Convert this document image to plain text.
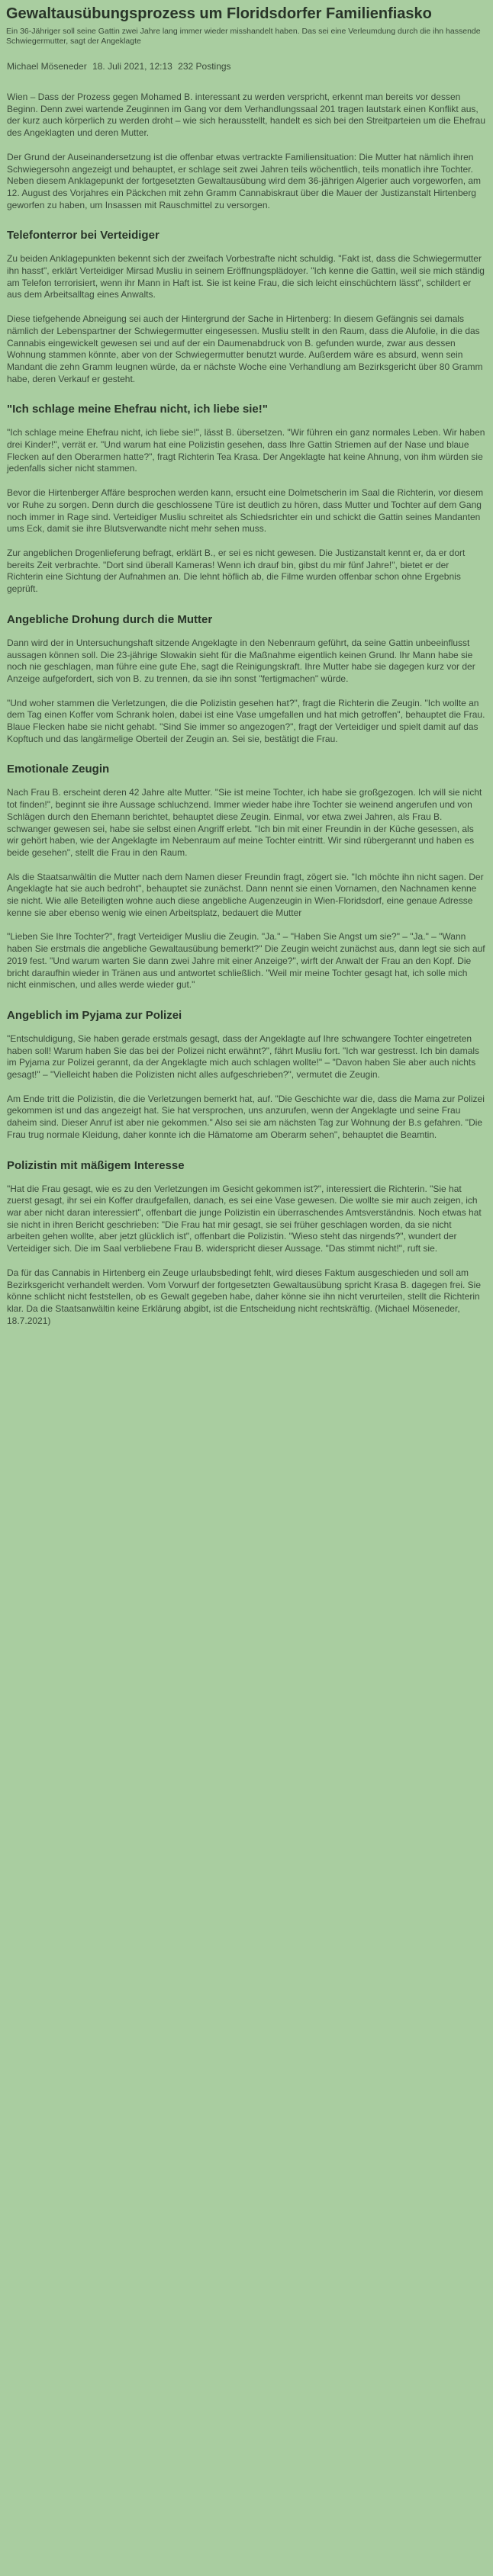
Gewaltausübungsprozess um Floridsdorfer Familienfiasko
Ein 36-Jähriger soll seine Gattin zwei Jahre lang immer wieder misshandelt haben. Das sei eine Verleumdung durch die ihn hassende Schwiegermutter, sagt der Angeklagte
Michael Möseneder 18. Juli 2021, 12:13 232 Postings

Wien – Dass der Prozess gegen Mohamed B. interessant zu werden verspricht, erkennt man bereits vor dessen Beginn. Denn zwei wartende Zeuginnen im Gang vor dem Verhandlungssaal 201 tragen lautstark einen Konflikt aus, der kurz auch körperlich zu werden droht – wie sich herausstellt, handelt es sich bei den Streitparteien um die Ehefrau des Angeklagten und deren Mutter.

Der Grund der Auseinandersetzung ist die offenbar etwas vertrackte Familiensituation: Die Mutter hat nämlich ihren Schwiegersohn angezeigt und behauptet, er schlage seit zwei Jahren teils wöchentlich, teils monatlich ihre Tochter. Neben diesem Anklagepunkt der fortgesetzten Gewaltausübung wird dem 36-jährigen Algerier auch vorgeworfen, am 12. August des Vorjahres ein Päckchen mit zehn Gramm Cannabiskraut über die Mauer der Justizanstalt Hirtenberg geworfen zu haben, um Insassen mit Rauschmittel zu versorgen.

Telefonterror bei Verteidiger

Zu beiden Anklagepunkten bekennt sich der zweifach Vorbestrafte nicht schuldig. "Fakt ist, dass die Schwiegermutter ihn hasst", erklärt Verteidiger Mirsad Musliu in seinem Eröffnungsplädoyer. "Ich kenne die Gattin, weil sie mich ständig am Telefon terrorisiert, wenn ihr Mann in Haft ist. Sie ist keine Frau, die sich leicht einschüchtern lässt", schildert er aus dem Arbeitsalltag eines Anwalts.

Diese tiefgehende Abneigung sei auch der Hintergrund der Sache in Hirtenberg: In diesem Gefängnis sei damals nämlich der Lebenspartner der Schwiegermutter eingesessen. Musliu stellt in den Raum, dass die Alufolie, in die das Cannabis eingewickelt gewesen sei und auf der ein Daumenabdruck von B. gefunden wurde, zwar aus dessen Wohnung stammen könnte, aber von der Schwiegermutter benutzt wurde. Außerdem wäre es absurd, wenn sein Mandant die zehn Gramm leugnen würde, da er nächste Woche eine Verhandlung am Bezirksgericht über 80 Gramm habe, deren Verkauf er gesteht.

"Ich schlage meine Ehefrau nicht, ich liebe sie!"

"Ich schlage meine Ehefrau nicht, ich liebe sie!", lässt B. übersetzen. "Wir führen ein ganz normales Leben. Wir haben drei Kinder!", verrät er. "Und warum hat eine Polizistin gesehen, dass Ihre Gattin Striemen auf der Nase und blaue Flecken auf den Oberarmen hatte?", fragt Richterin Tea Krasa. Der Angeklagte hat keine Ahnung, von ihm würden sie jedenfalls sicher nicht stammen.

Bevor die Hirtenberger Affäre besprochen werden kann, ersucht eine Dolmetscherin im Saal die Richterin, vor diesem vor Ruhe zu sorgen. Denn durch die geschlossene Türe ist deutlich zu hören, dass Mutter und Tochter auf dem Gang noch immer in Rage sind. Verteidiger Musliu schreitet als Schiedsrichter ein und schickt die Gattin seines Mandanten ums Eck, damit sie ihre Blutsverwandte nicht mehr sehen muss.

Zur angeblichen Drogenlieferung befragt, erklärt B., er sei es nicht gewesen. Die Justizanstalt kennt er, da er dort bereits Zeit verbrachte. "Dort sind überall Kameras! Wenn ich drauf bin, gibst du mir fünf Jahre!", bietet er der Richterin eine Sichtung der Aufnahmen an. Die lehnt höflich ab, die Filme wurden offenbar schon ohne Ergebnis geprüft.

Angebliche Drohung durch die Mutter

Dann wird der in Untersuchungshaft sitzende Angeklagte in den Nebenraum geführt, da seine Gattin unbeeinflusst aussagen können soll. Die 23-jährige Slowakin sieht für die Maßnahme eigentlich keinen Grund. Ihr Mann habe sie noch nie geschlagen, man führe eine gute Ehe, sagt die Reinigungskraft. Ihre Mutter habe sie dagegen kurz vor der Anzeige aufgefordert, sich von B. zu trennen, da sie ihn sonst "fertigmachen" würde.

"Und woher stammen die Verletzungen, die die Polizistin gesehen hat?", fragt die Richterin die Zeugin. "Ich wollte an dem Tag einen Koffer vom Schrank holen, dabei ist eine Vase umgefallen und hat mich getroffen", behauptet die Frau. Blaue Flecken habe sie nicht gehabt. "Sind Sie immer so angezogen?", fragt der Verteidiger und spielt damit auf das Kopftuch und das langärmelige Oberteil der Zeugin an. Sei sie, bestätigt die Frau.

Emotionale Zeugin

Nach Frau B. erscheint deren 42 Jahre alte Mutter. "Sie ist meine Tochter, ich habe sie großgezogen. Ich will sie nicht tot finden!", beginnt sie ihre Aussage schluchzend. Immer wieder habe ihre Tochter sie weinend angerufen und von Schlägen durch den Ehemann berichtet, behauptet diese Zeugin. Einmal, vor etwa zwei Jahren, als Frau B. schwanger gewesen sei, habe sie selbst einen Angriff erlebt. "Ich bin mit einer Freundin in der Küche gesessen, als wir gehört haben, wie der Angeklagte im Nebenraum auf meine Tochter eintritt. Wir sind rübergerannt und haben es beide gesehen", stellt die Frau in den Raum.

Als die Staatsanwältin die Mutter nach dem Namen dieser Freundin fragt, zögert sie. "Ich möchte ihn nicht sagen. Der Angeklagte hat sie auch bedroht", behauptet sie zunächst. Dann nennt sie einen Vornamen, den Nachnamen kenne sie nicht. Wie alle Beteiligten wohne auch diese angebliche Augenzeugin in Wien-Floridsdorf, eine genaue Adresse kenne sie aber ebenso wenig wie einen Arbeitsplatz, bedauert die Mutter

"Lieben Sie Ihre Tochter?", fragt Verteidiger Musliu die Zeugin. "Ja." – "Haben Sie Angst um sie?" – "Ja." – "Wann haben Sie erstmals die angebliche Gewaltausübung bemerkt?" Die Zeugin weicht zunächst aus, dann legt sie sich auf 2019 fest. "Und warum warten Sie dann zwei Jahre mit einer Anzeige?", wirft der Anwalt der Frau an den Kopf. Die bricht daraufhin wieder in Tränen aus und antwortet schließlich. "Weil mir meine Tochter gesagt hat, ich solle mich nicht einmischen, und alles werde wieder gut."

Angeblich im Pyjama zur Polizei

"Entschuldigung, Sie haben gerade erstmals gesagt, dass der Angeklagte auf Ihre schwangere Tochter eingetreten haben soll! Warum haben Sie das bei der Polizei nicht erwähnt?", fährt Musliu fort. "Ich war gestresst. Ich bin damals im Pyjama zur Polizei gerannt, da der Angeklagte mich auch schlagen wollte!" – "Davon haben Sie aber auch nichts gesagt!" – "Vielleicht haben die Polizisten nicht alles aufgeschrieben?", vermutet die Zeugin.

Am Ende tritt die Polizistin, die die Verletzungen bemerkt hat, auf. "Die Geschichte war die, dass die Mama zur Polizei gekommen ist und das angezeigt hat. Sie hat versprochen, uns anzurufen, wenn der Angeklagte und seine Frau daheim sind. Dieser Anruf ist aber nie gekommen." Also sei sie am nächsten Tag zur Wohnung der B.s gefahren. "Die Frau trug normale Kleidung, daher konnte ich die Hämatome am Oberarm sehen", behauptet die Beamtin.

Polizistin mit mäßigem Interesse

"Hat die Frau gesagt, wie es zu den Verletzungen im Gesicht gekommen ist?", interessiert die Richterin. "Sie hat zuerst gesagt, ihr sei ein Koffer draufgefallen, danach, es sei eine Vase gewesen. Die wollte sie mir auch zeigen, ich war aber nicht daran interessiert", offenbart die junge Polizistin ein überraschendes Amtsverständnis. Noch etwas hat sie nicht in ihren Bericht geschrieben: "Die Frau hat mir gesagt, sie sei früher geschlagen worden, da sie nicht arbeiten gehen wollte, aber jetzt glücklich ist", offenbart die Polizistin. "Wieso steht das nirgends?", wundert der Verteidiger sich. Die im Saal verbliebene Frau B. widerspricht dieser Aussage. "Das stimmt nicht!", ruft sie.

Da für das Cannabis in Hirtenberg ein Zeuge urlaubsbedingt fehlt, wird dieses Faktum ausgeschieden und soll am Bezirksgericht verhandelt werden. Vom Vorwurf der fortgesetzten Gewaltausübung spricht Krasa B. dagegen frei. Sie könne schlicht nicht feststellen, ob es Gewalt gegeben habe, daher könne sie ihn nicht verurteilen, stellt die Richterin klar. Da die Staatsanwältin keine Erklärung abgibt, ist die Entscheidung nicht rechtskräftig. (Michael Möseneder, 18.7.2021)
